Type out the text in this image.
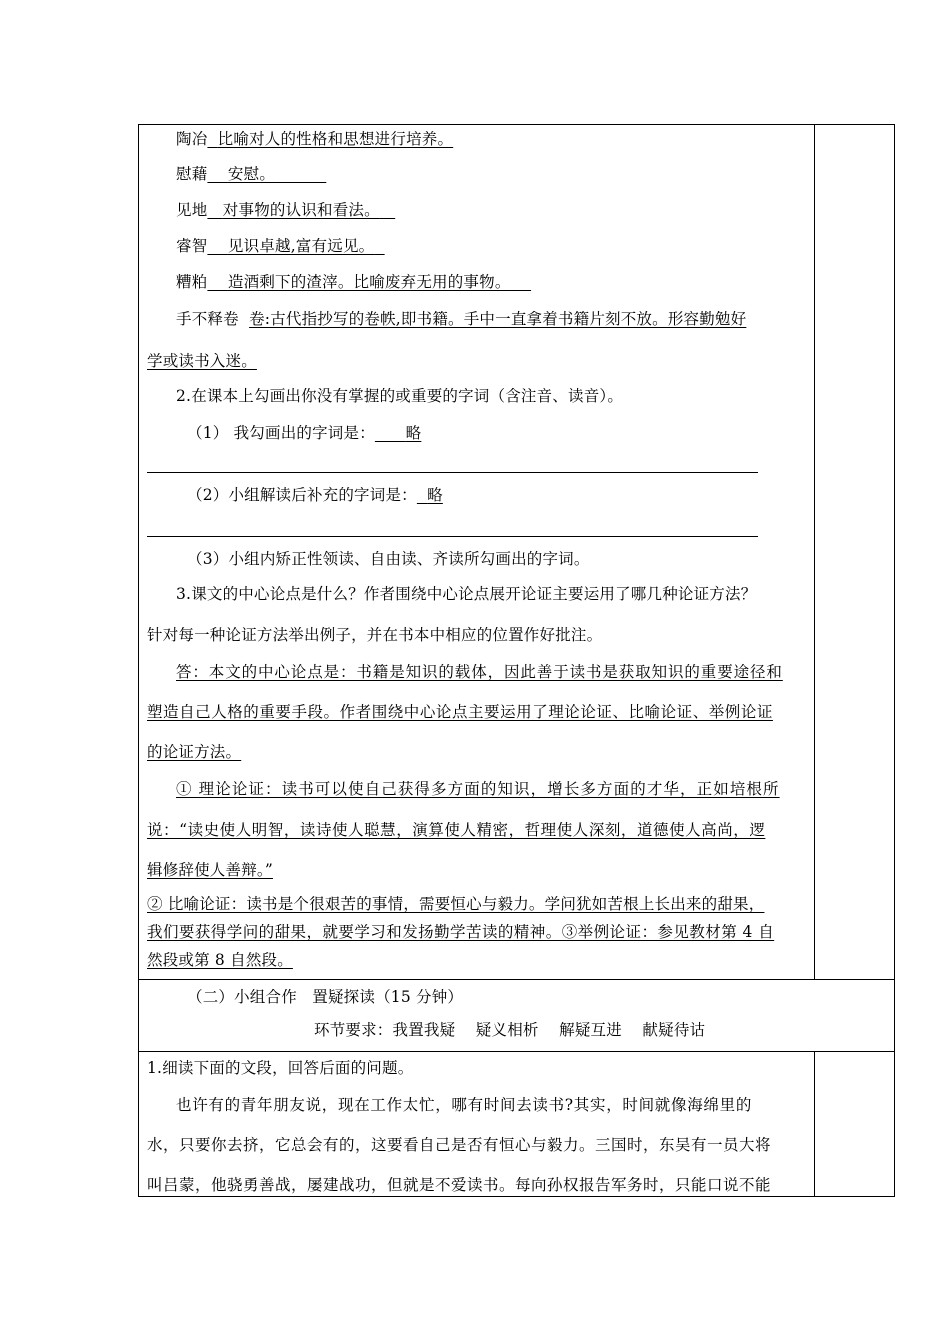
陶冶 比喻对人的性格和思想进行培养。
慰藉 安慰。
见地 对事物的认识和看法。
睿智 见识卓越,富有远见。
糟粕 造酒剩下的渣滓。比喻废弃无用的事物。
手不释卷 卷:古代指抄写的卷帙,即书籍。手中一直拿着书籍片刻不放。形容勤勉好
学或读书入迷。
2.在课本上勾画出你没有掌握的或重要的字词（含注音、读音）。
（1） 我勾画出的字词是： 略
（2）小组解读后补充的字词是： 略
（3）小组内矫正性领读、自由读、齐读所勾画出的字词。
3.课文的中心论点是什么？作者围绕中心论点展开论证主要运用了哪几种论证方法？
针对每一种论证方法举出例子，并在书本中相应的位置作好批注。
答：本文的中心论点是：书籍是知识的载体，因此善于读书是获取知识的重要途径和
塑造自己人格的重要手段。作者围绕中心论点主要运用了理论论证、比喻论证、举例论证
的论证方法。
① 理论论证：读书可以使自己获得多方面的知识，增长多方面的才华，正如培根所
说：“读史使人明智，读诗使人聪慧，演算使人精密，哲理使人深刻，道德使人高尚，逻
辑修辞使人善辩。”
② 比喻论证：读书是个很艰苦的事情，需要恒心与毅力。学问犹如苦根上长出来的甜果，
我们要获得学问的甜果，就要学习和发扬勤学苦读的精神。③举例论证：参见教材第 4 自
然段或第 8 自然段。
（二）小组合作   置疑探读（15 分钟）
环节要求：我置我疑    疑义相析    解疑互进    献疑待诂
1.细读下面的文段，回答后面的问题。
也许有的青年朋友说，现在工作太忙，哪有时间去读书?其实，时间就像海绵里的
水，只要你去挤，它总会有的，这要看自己是否有恒心与毅力。三国时，东吴有一员大将
叫吕蒙，他骁勇善战，屡建战功，但就是不爱读书。每向孙权报告军务时，只能口说不能
